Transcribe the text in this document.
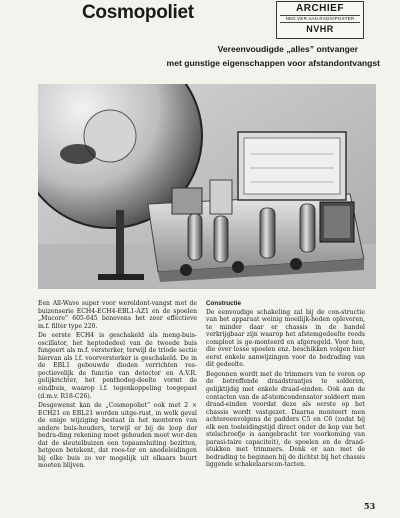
Cosmopoliet	ARCHIEF
NED.VER.VAN.RADIOPOSTER
NVHR
Vereenvoudigde „alles” ontvanger
met gunstige eigenschappen voor afstandontvangst

Een All-Wave super voor wereldont-vangst met de buizenserie ECH4-ECH4-EBL1-AZ1 en de spoelen „Mucore” 605-645 benevens het zeer effectieve m.f. filter type 220.

De eerste ECH4 is geschakeld als meng-buis-oscillator, het heptodedeel van de tweede buis fungeert als m.f. versterker, terwijl de triode sectie hiervan als l.f. voorversterker is geschakeld. De in de EBL1 gebouwde dioden verrichten res-pectievelijk de functie van detector en A.V.R. gelijkrichter, het penthodeg-deelte vormt de eindbuis, waarop l.f. tegenkoppeling toegepast (d.m.v. R18-C26).

Desgewenst kan de „Cosmopoliet” ook met 2 × ECH21 en EBL21 worden uitge-rust, in welk geval de enige wijziging bestaat in het monteren van andere buis-houders, terwijl er bij de loop der bedra-ding rekening moet gehouden moet wor-den dat de sleutelbuizen een topaansluiting bezitten, hetgeen betekent, dat roos-ter en anodeleidingen bij elke buis zo ver mogelijk uit elkaars buurt moeten blijven.

Constructie

De eenvoudige schakeling zal bij de con-structie van het apparaat weinig moeilijk-heden opleveren, te minder daar er chassis in de handel verkrijgbaar zijn waarop het afstemgedeelte reeds compleet is ge-monteerd en afgeregeld. Voor hen, die over losse spoelen enz. beschikken volgen hier eerst enkele aanwijzingen voor de bedrading van dit gedeelte.

Begonnen wordt met de trimmers van te voren op de betreffende draadstraatjes te solderen, gelijktijdig met enkele draad-einden. Ook aan de contacten van de af-stemcondensator soldeert men draad-einden voordat deze als eerste op het chassis wordt vastgezet. Daarna monteert men achtereenvolgens de padders C5 en C6 (zodat bij elk een toeleidingstijd direct onder de kop van het stelschroefje is aangebracht ter voorkoming van parasi-taire capaciteit), de spoelen en de draad-stukken met trimmers. Denk er aan met de bedrading te beginnen bij de dichtst bij het chassis liggende schakelaarscon-tacten.

53
